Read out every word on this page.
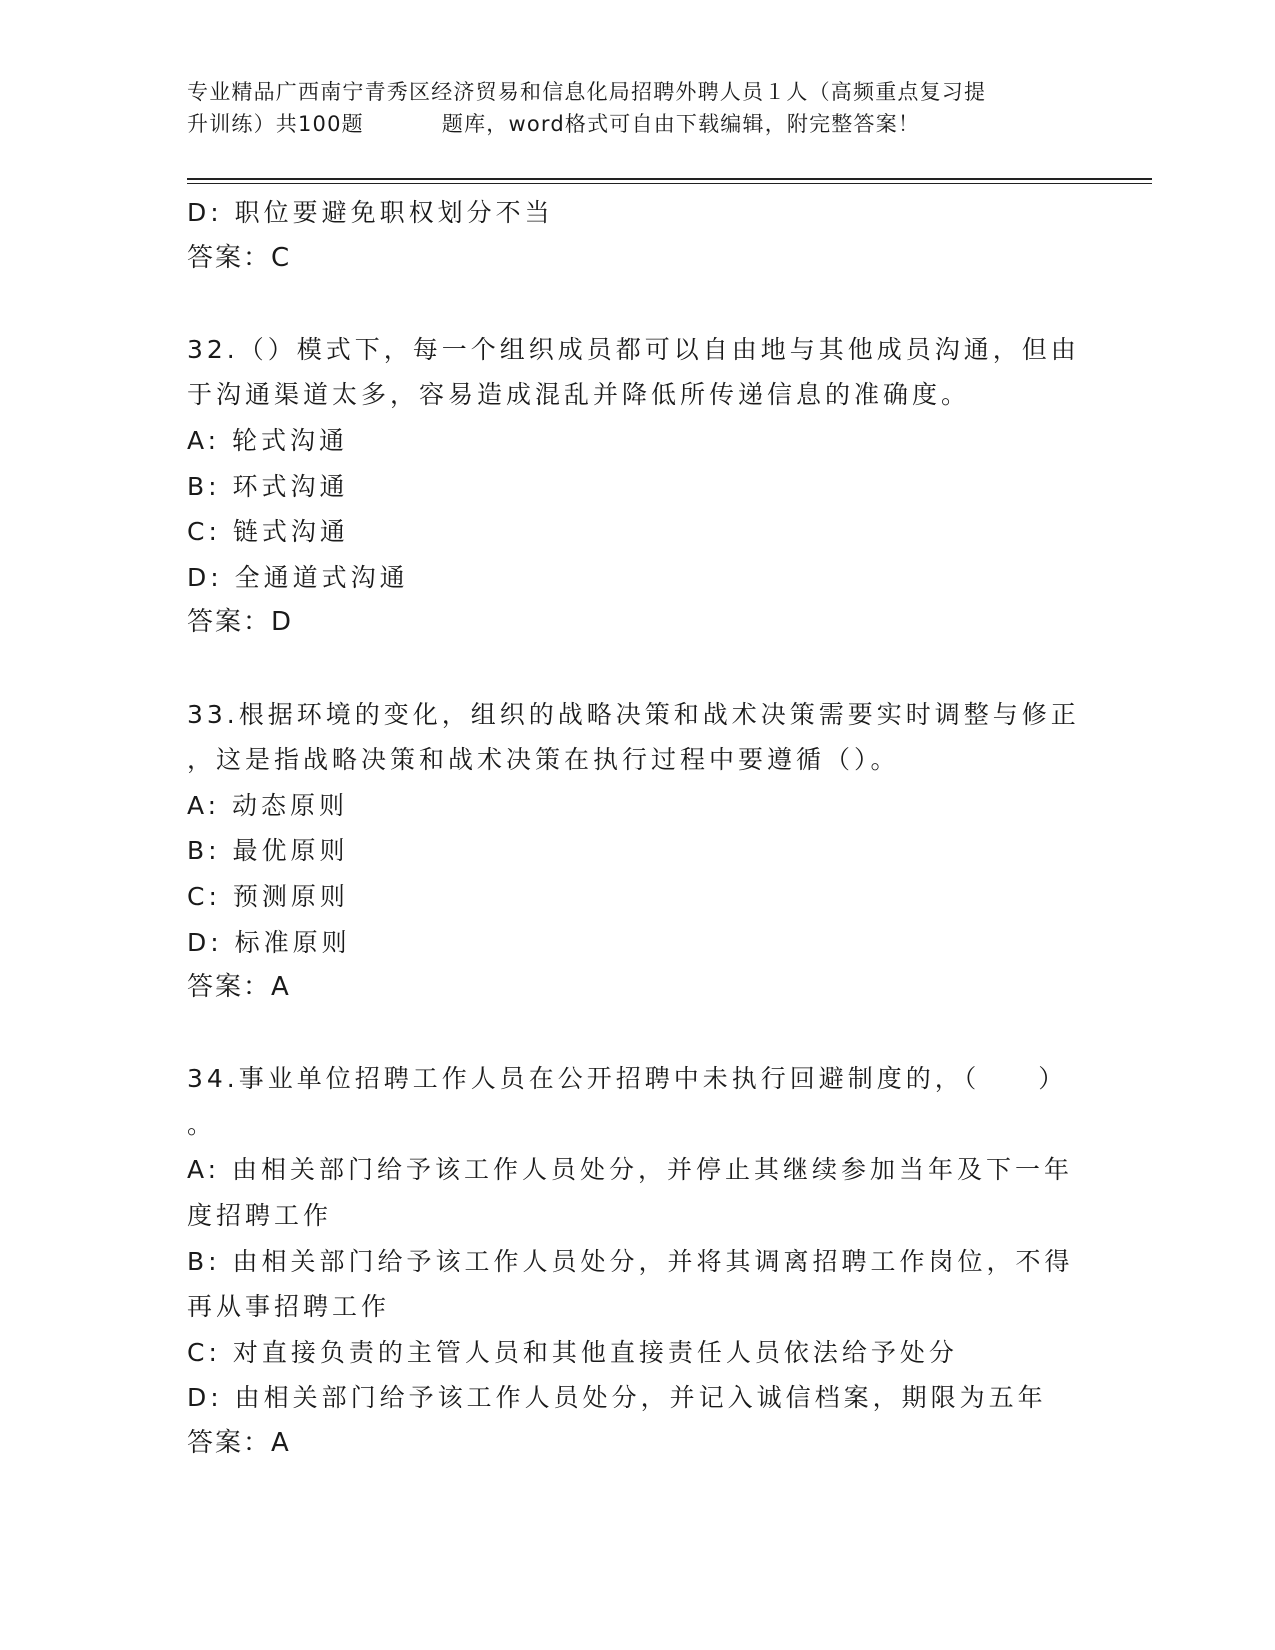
专业精品广西南宁青秀区经济贸易和信息化局招聘外聘人员１人（高频重点复习提
升训练）共100题	题库，word格式可自由下载编辑，附完整答案！
D: 职位要避免职权划分不当
答案：C
32.（）模式下，每一个组织成员都可以自由地与其他成员沟通，但由
于沟通渠道太多，容易造成混乱并降低所传递信息的准确度。
A: 轮式沟通
B: 环式沟通
C: 链式沟通
D: 全通道式沟通
答案：D
33.根据环境的变化，组织的战略决策和战术决策需要实时调整与修正
，这是指战略决策和战术决策在执行过程中要遵循（）。
A: 动态原则
B: 最优原则
C: 预测原则
D: 标准原则
答案：A
34.事业单位招聘工作人员在公开招聘中未执行回避制度的，（　　）
。
A: 由相关部门给予该工作人员处分，并停止其继续参加当年及下一年
度招聘工作
B: 由相关部门给予该工作人员处分，并将其调离招聘工作岗位，不得
再从事招聘工作
C: 对直接负责的主管人员和其他直接责任人员依法给予处分
D: 由相关部门给予该工作人员处分，并记入诚信档案，期限为五年
答案：A
